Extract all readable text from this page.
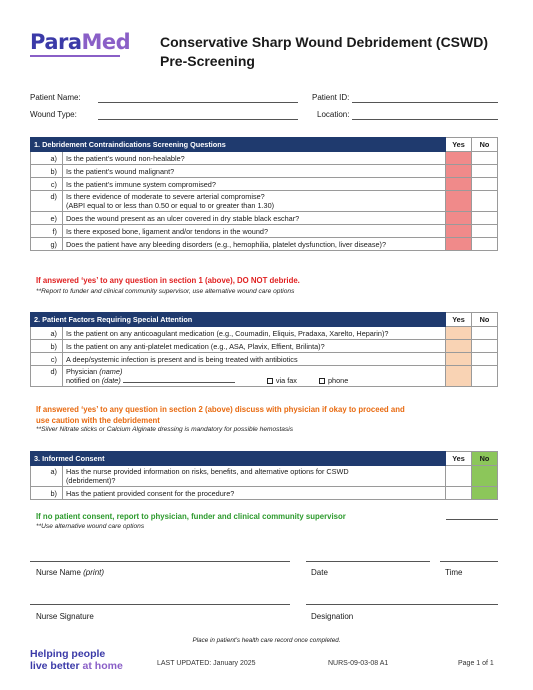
ParaMed Conservative Sharp Wound Debridement (CSWD)
Pre-Screening
Patient Name:	Patient ID:
Wound Type:	Location:
1. Debridement Contraindications Screening Questions		Yes	No
a)	Is the patient’s wound non-healable?		
b)	Is the patient’s wound malignant?		
c)	Is the patient’s immune system compromised?		
d)	Is there evidence of moderate to severe arterial compromise?
(ABPI equal to or less than 0.50 or equal to or greater than 1.30)		

e)	Does the wound present as an ulcer covered in dry stable black eschar?		
f)	Is there exposed bone, ligament and/or tendons in the wound?		
g)	Does the patient have any bleeding disorders (e.g., hemophilia, platelet dysfunction, liver disease)?		
If answered ‘yes’ to any question in section 1 (above), DO NOT debride.
**Report to funder and clinical community supervisor, use alternative wound care options
2. Patient Factors Requiring Special Attention		Yes	No
a)	Is the patient on any anticoagulant medication (e.g., Coumadin, Eliquis, Pradaxa, Xarelto, Heparin)?		
b)	Is the patient on any anti-platelet medication (e.g., ASA, Plavix, Effient, Brilinta)?		
c)	A deep/systemic infection is present and is being treated with antibiotics		
d)	Physician (name)
notified on (date) via fax phone		

If answered ‘yes’ to any question in section 2 (above) discuss with physician if okay to proceed and
use caution with the debridement
**Silver Nitrate sticks or Calcium Alginate dressing is mandatory for possible hemostasis
3. Informed Consent		Yes	No
a)	Has the nurse provided information on risks, benefits, and alternative options for CSWD
(debridement)?		

b)	Has the patient provided consent for the procedure?		
If no patient consent, report to physician, funder and clinical community supervisor
**Use alternative wound care options
Nurse Name (print)	Date	Time
Nurse Signature	Designation
Place in patient’s health care record once completed.
Helping people
live better at home	LAST UPDATED: January 2025	NURS-09-03-08 A1	Page 1 of 1
